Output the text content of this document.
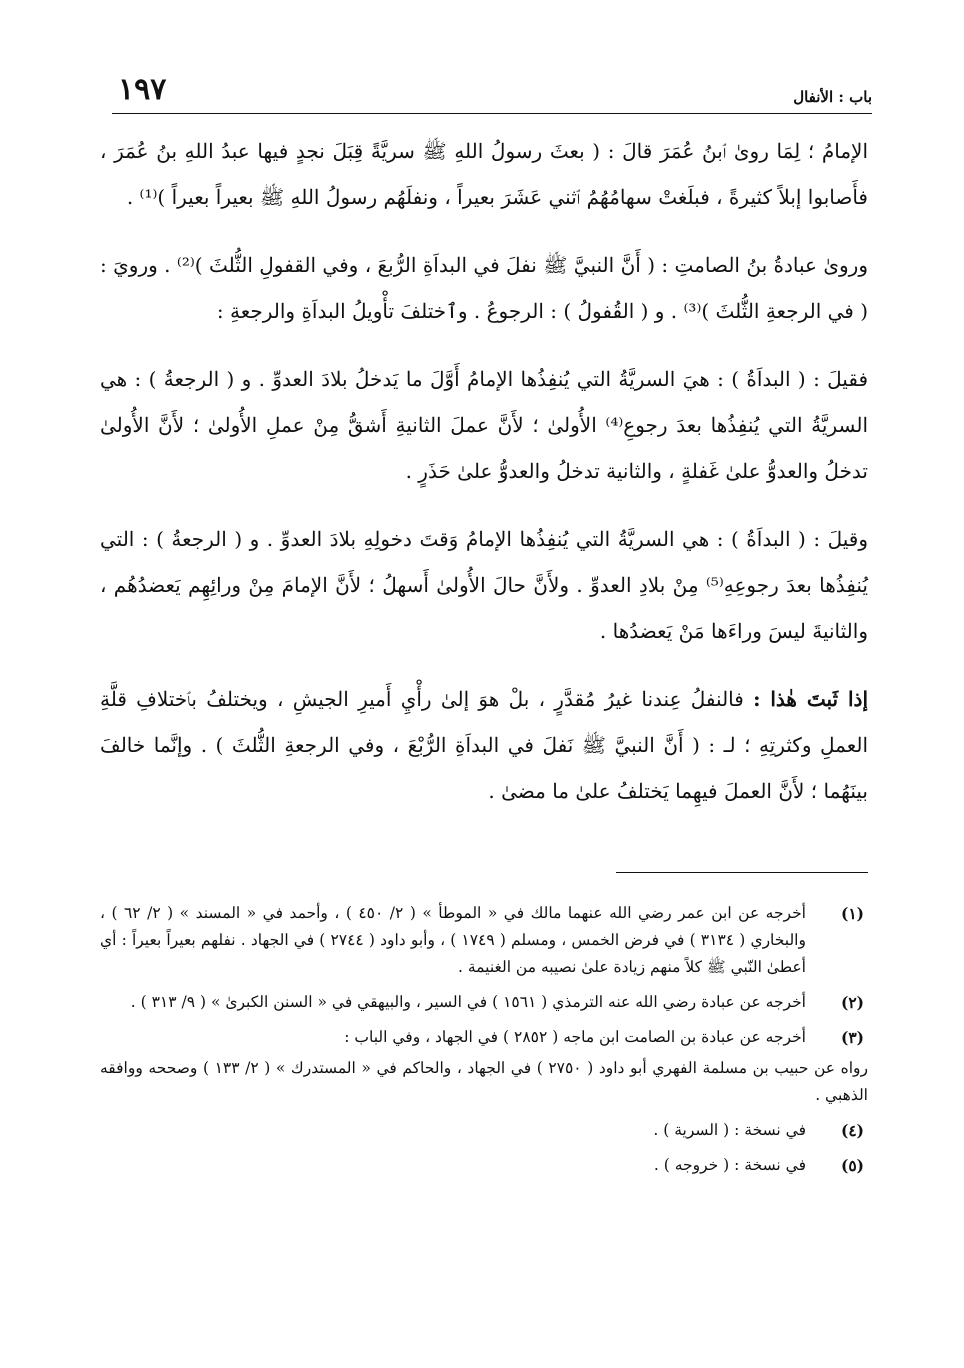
باب : الأنفال
١٩٧

الإمامُ ؛ لِمَا روىٰ ٱبنُ عُمَرَ قالَ : ( بعثَ رسولُ اللهِ ﷺ سريَّةً قِبَلَ نجدٍ فيها عبدُ اللهِ بنُ عُمَرَ ، فأَصابوا إبلاً كثيرةً ، فبلَغتْ سهامُهُمُ ٱثني عَشَرَ بعيراً ، ونفلَهُم رسولُ اللهِ ﷺ بعيراً بعيراً )⁽¹⁾ .

وروىٰ عبادةُ بنُ الصامتِ : ( أَنَّ النبيَّ ﷺ نفلَ في البداَةِ الرُّبعَ ، وفي القفولِ الثُّلثَ )⁽²⁾ . ورويَ : ( في الرجعةِ الثُّلثَ )⁽³⁾ . و ( القُفولُ ) : الرجوعُ . وٱختلفَ تأْويلُ البداَةِ والرجعةِ :

فقيلَ : ( البداَةُ ) : هيَ السريَّةُ التي يُنفِذُها الإمامُ أَوَّلَ ما يَدخلُ بلادَ العدوِّ . و ( الرجعةُ ) : هي السريَّةُ التي يُنفِذُها بعدَ رجوعِ⁽⁴⁾ الأُولىٰ ؛ لأَنَّ عملَ الثانيةِ أَشقُّ مِنْ عملِ الأُولىٰ ؛ لأَنَّ الأُولىٰ تدخلُ والعدوُّ علىٰ غَفلةٍ ، والثانية تدخلُ والعدوُّ علىٰ حَذَرٍ .

وقيلَ : ( البداَةُ ) : هي السريَّةُ التي يُنفِذُها الإمامُ وَقتَ دخولِهِ بلادَ العدوِّ . و ( الرجعةُ ) : التي يُنفِذُها بعدَ رجوعِهِ⁽⁵⁾ مِنْ بلادِ العدوِّ . ولأَنَّ حالَ الأُولىٰ أَسهلُ ؛ لأَنَّ الإمامَ مِنْ ورائِهِم يَعضدُهُم ، والثانيةَ ليسَ وراءَها مَنْ يَعضدُها .

إذا ثَبتَ هٰذا : فالنفلُ عِندنا غيرُ مُقدَّرٍ ، بلْ هوَ إلىٰ رأْيِ أَميرِ الجيشِ ، ويختلفُ بٱختلافِ قلَّةِ العملِ وكثرتِهِ ؛ لـ : ( أَنَّ النبيَّ ﷺ نَفلَ في البداَةِ الرُّبْعَ ، وفي الرجعةِ الثُّلثَ ) . وإنَّما خالفَ بينَهُما ؛ لأَنَّ العملَ فيهِما يَختلفُ علىٰ ما مضىٰ .

(١)
أخرجه عن ابن عمر رضي الله عنهما مالك في « الموطأ » ( ٢/ ٤٥٠ ) ، وأحمد في « المسند » ( ٢/ ٦٢ ) ، والبخاري ( ٣١٣٤ ) في فرض الخمس ، ومسلم ( ١٧٤٩ ) ، وأبو داود ( ٢٧٤٤ ) في الجهاد . نفلهم بعيراً بعيراً : أي أعطىٰ النّبي ﷺ كلاً منهم زيادة علىٰ نصيبه من الغنيمة .
(٢)
أخرجه عن عبادة رضي الله عنه الترمذي ( ١٥٦١ ) في السير ، والبيهقي في « السنن الكبرىٰ » ( ٩/ ٣١٣ ) .
(٣)
أخرجه عن عبادة بن الصامت ابن ماجه ( ٢٨٥٢ ) في الجهاد ، وفي الباب :
رواه عن حبيب بن مسلمة الفهري أبو داود ( ٢٧٥٠ ) في الجهاد ، والحاكم في « المستدرك » ( ٢/ ١٣٣ ) وصححه ووافقه الذهبي .
(٤)
في نسخة : ( السرية ) .
(٥)
في نسخة : ( خروجه ) .
